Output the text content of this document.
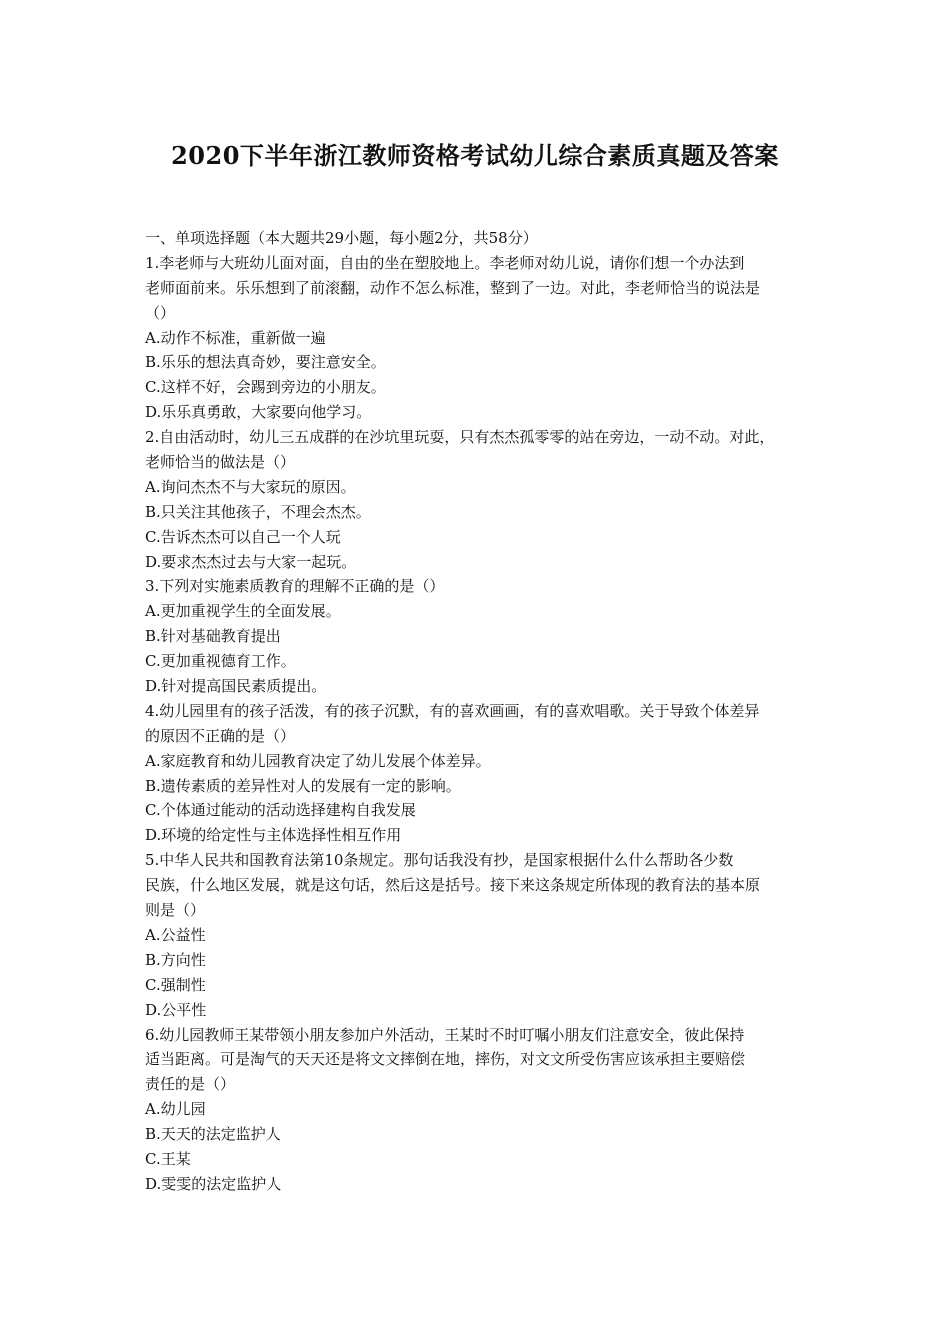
2020下半年浙江教师资格考试幼儿综合素质真题及答案
一、单项选择题（本大题共29小题，每小题2分，共58分）
1.李老师与大班幼儿面对面，自由的坐在塑胶地上。李老师对幼儿说，请你们想一个办法到
老师面前来。乐乐想到了前滚翻，动作不怎么标准，整到了一边。对此，李老师恰当的说法是
（）
A.动作不标准，重新做一遍
B.乐乐的想法真奇妙，要注意安全。
C.这样不好，会踢到旁边的小朋友。
D.乐乐真勇敢，大家要向他学习。
2.自由活动时，幼儿三五成群的在沙坑里玩耍，只有杰杰孤零零的站在旁边，一动不动。对此，
老师恰当的做法是（）
A.询问杰杰不与大家玩的原因。
B.只关注其他孩子，不理会杰杰。
C.告诉杰杰可以自己一个人玩
D.要求杰杰过去与大家一起玩。
3.下列对实施素质教育的理解不正确的是（）
A.更加重视学生的全面发展。
B.针对基础教育提出
C.更加重视德育工作。
D.针对提高国民素质提出。
4.幼儿园里有的孩子活泼，有的孩子沉默，有的喜欢画画，有的喜欢唱歌。关于导致个体差异
的原因不正确的是（）
A.家庭教育和幼儿园教育决定了幼儿发展个体差异。
B.遗传素质的差异性对人的发展有一定的影响。
C.个体通过能动的活动选择建构自我发展
D.环境的给定性与主体选择性相互作用
5.中华人民共和国教育法第10条规定。那句话我没有抄，是国家根据什么什么帮助各少数
民族，什么地区发展，就是这句话，然后这是括号。接下来这条规定所体现的教育法的基本原
则是（）
A.公益性
B.方向性
C.强制性
D.公平性
6.幼儿园教师王某带领小朋友参加户外活动，王某时不时叮嘱小朋友们注意安全，彼此保持
适当距离。可是淘气的天天还是将文文摔倒在地，摔伤，对文文所受伤害应该承担主要赔偿
责任的是（）
A.幼儿园
B.天天的法定监护人
C.王某
D.雯雯的法定监护人
